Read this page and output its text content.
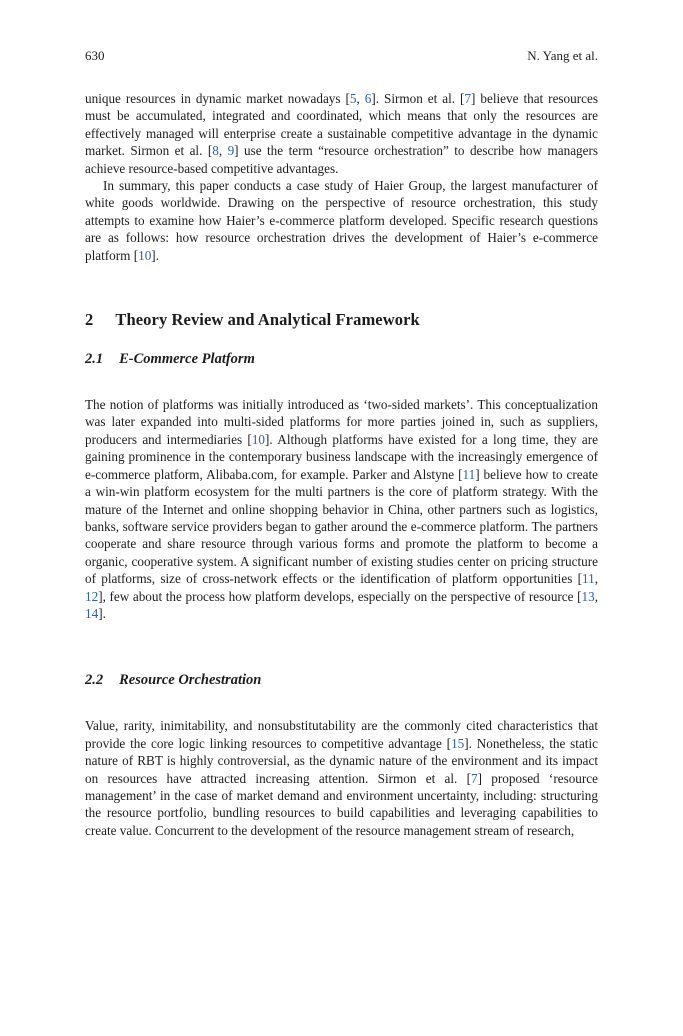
630	N. Yang et al.

unique resources in dynamic market nowadays [5, 6]. Sirmon et al. [7] believe that resources must be accumulated, integrated and coordinated, which means that only the resources are effectively managed will enterprise create a sustainable competitive advantage in the dynamic market. Sirmon et al. [8, 9] use the term “resource orchestration” to describe how managers achieve resource-based competitive advantages.

In summary, this paper conducts a case study of Haier Group, the largest manufacturer of white goods worldwide. Drawing on the perspective of resource orchestration, this study attempts to examine how Haier’s e-commerce platform developed. Specific research questions are as follows: how resource orchestration drives the development of Haier’s e-commerce platform [10].

2 Theory Review and Analytical Framework
2.1 E-Commerce Platform

The notion of platforms was initially introduced as ‘two-sided markets’. This conceptualization was later expanded into multi-sided platforms for more parties joined in, such as suppliers, producers and intermediaries [10]. Although platforms have existed for a long time, they are gaining prominence in the contemporary business landscape with the increasingly emergence of e-commerce platform, Alibaba.com, for example. Parker and Alstyne [11] believe how to create a win-win platform ecosystem for the multi partners is the core of platform strategy. With the mature of the Internet and online shopping behavior in China, other partners such as logistics, banks, software service providers began to gather around the e-commerce platform. The partners cooperate and share resource through various forms and promote the platform to become a organic, cooperative system. A significant number of existing studies center on pricing structure of platforms, size of cross-network effects or the identification of platform opportunities [11, 12], few about the process how platform develops, especially on the perspective of resource [13, 14].

2.2 Resource Orchestration

Value, rarity, inimitability, and nonsubstitutability are the commonly cited characteristics that provide the core logic linking resources to competitive advantage [15]. Nonetheless, the static nature of RBT is highly controversial, as the dynamic nature of the environment and its impact on resources have attracted increasing attention. Sirmon et al. [7] proposed ‘resource management’ in the case of market demand and environment uncertainty, including: structuring the resource portfolio, bundling resources to build capabilities and leveraging capabilities to create value. Concurrent to the development of the resource management stream of research,
